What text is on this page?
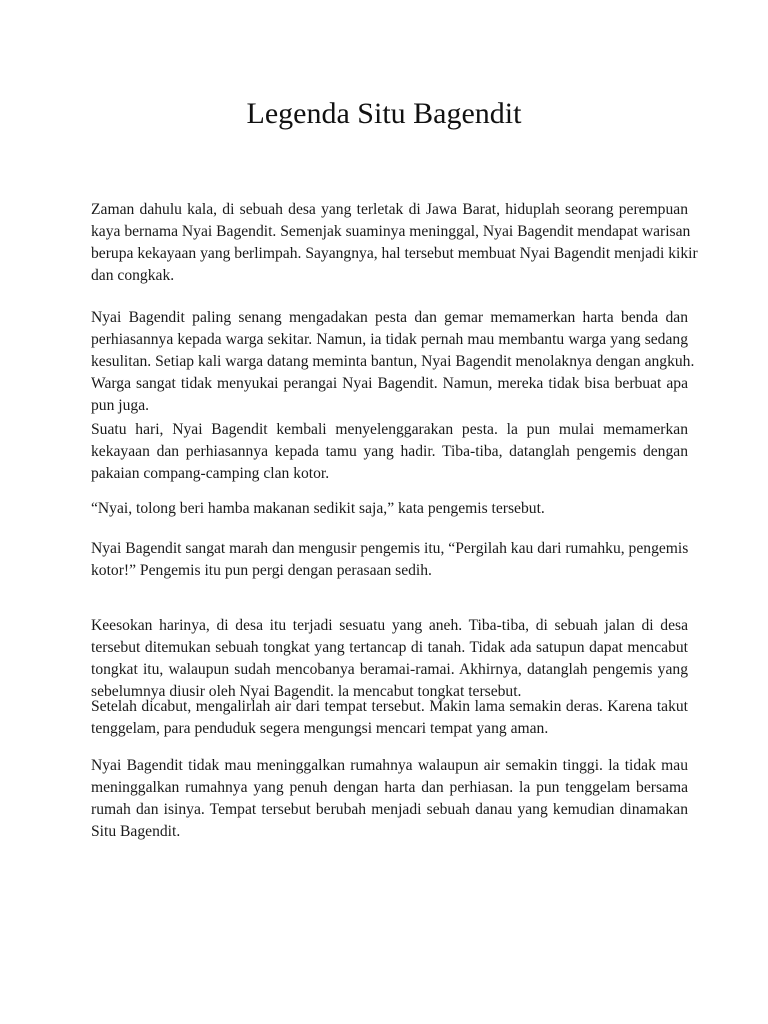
Legenda Situ Bagendit
Zaman dahulu kala, di sebuah desa yang terletak di Jawa Barat, hiduplah seorang perempuan
kaya bernama Nyai Bagendit. Semenjak suaminya meninggal, Nyai Bagendit mendapat warisan
berupa kekayaan yang berlimpah. Sayangnya, hal tersebut membuat Nyai Bagendit menjadi kikir
dan congkak.
Nyai Bagendit paling senang mengadakan pesta dan gemar memamerkan harta benda dan
perhiasannya kepada warga sekitar. Namun, ia tidak pernah mau membantu warga yang sedang
kesulitan. Setiap kali warga datang meminta bantun, Nyai Bagendit menolaknya dengan angkuh.
Warga sangat tidak menyukai perangai Nyai Bagendit. Namun, mereka tidak bisa berbuat apa
pun juga.
Suatu hari, Nyai Bagendit kembali menyelenggarakan pesta. la pun mulai memamerkan
kekayaan dan perhiasannya kepada tamu yang hadir. Tiba-tiba, datanglah pengemis dengan
pakaian compang-camping clan kotor.
“Nyai, tolong beri hamba makanan sedikit saja,” kata pengemis tersebut.
Nyai Bagendit sangat marah dan mengusir pengemis itu, “Pergilah kau dari rumahku, pengemis
kotor!” Pengemis itu pun pergi dengan perasaan sedih.
Keesokan harinya, di desa itu terjadi sesuatu yang aneh. Tiba-tiba, di sebuah jalan di desa
tersebut ditemukan sebuah tongkat yang tertancap di tanah. Tidak ada satupun dapat mencabut
tongkat itu, walaupun sudah mencobanya beramai-ramai. Akhirnya, datanglah pengemis yang
sebelumnya diusir oleh Nyai Bagendit. la mencabut tongkat tersebut.
Setelah dicabut, mengalirlah air dari tempat tersebut. Makin lama semakin deras. Karena takut
tenggelam, para penduduk segera mengungsi mencari tempat yang aman.
Nyai Bagendit tidak mau meninggalkan rumahnya walaupun air semakin tinggi. la tidak mau
meninggalkan rumahnya yang penuh dengan harta dan perhiasan. la pun tenggelam bersama
rumah dan isinya. Tempat tersebut berubah menjadi sebuah danau yang kemudian dinamakan
Situ Bagendit.
